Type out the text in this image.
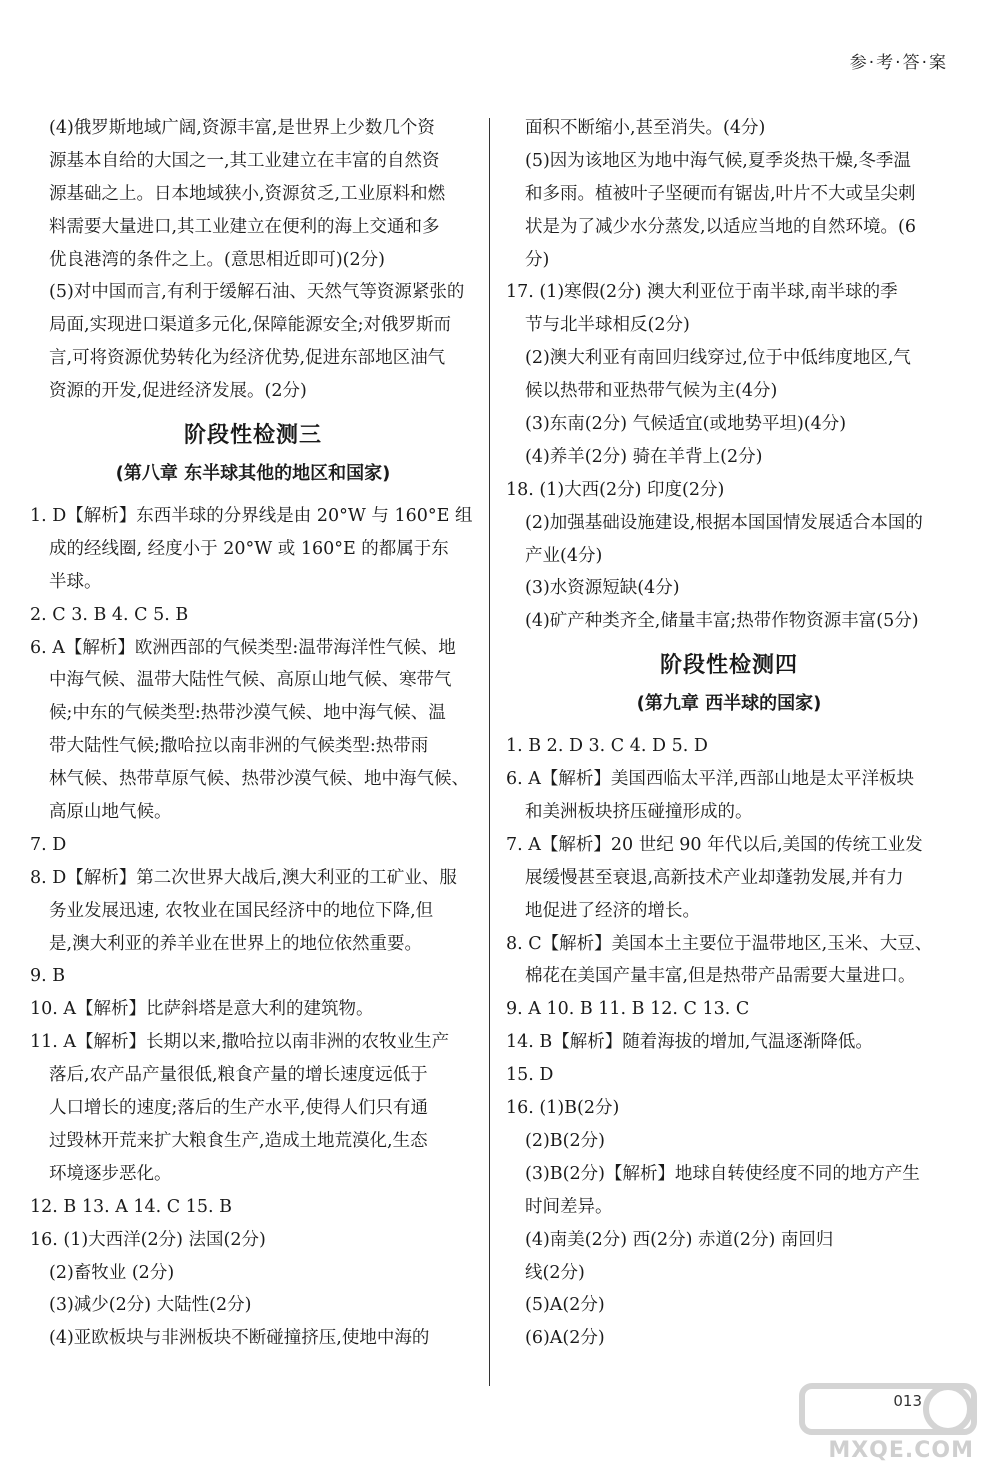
参·考·答·案
(4)俄罗斯地域广阔,资源丰富,是世界上少数几个资
源基本自给的大国之一,其工业建立在丰富的自然资
源基础之上。日本地域狭小,资源贫乏,工业原料和燃
料需要大量进口,其工业建立在便利的海上交通和多
优良港湾的条件之上。(意思相近即可)(2分)
(5)对中国而言,有利于缓解石油、天然气等资源紧张的
局面,实现进口渠道多元化,保障能源安全;对俄罗斯而
言,可将资源优势转化为经济优势,促进东部地区油气
资源的开发,促进经济发展。(2分)
阶段性检测三
(第八章 东半球其他的地区和国家)
1. D【解析】东西半球的分界线是由 20°W 与 160°E 组
成的经线圈, 经度小于 20°W 或 160°E 的都属于东
半球。
2. C 3. B 4. C 5. B
6. A【解析】欧洲西部的气候类型:温带海洋性气候、地
中海气候、温带大陆性气候、高原山地气候、寒带气
候;中东的气候类型:热带沙漠气候、地中海气候、温
带大陆性气候;撒哈拉以南非洲的气候类型:热带雨
林气候、热带草原气候、热带沙漠气候、地中海气候、
高原山地气候。
7. D
8. D【解析】第二次世界大战后,澳大利亚的工矿业、服
务业发展迅速, 农牧业在国民经济中的地位下降,但
是,澳大利亚的养羊业在世界上的地位依然重要。
9. B
10. A【解析】比萨斜塔是意大利的建筑物。
11. A【解析】长期以来,撒哈拉以南非洲的农牧业生产
落后,农产品产量很低,粮食产量的增长速度远低于
人口增长的速度;落后的生产水平,使得人们只有通
过毁林开荒来扩大粮食生产,造成土地荒漠化,生态
环境逐步恶化。
12. B 13. A 14. C 15. B
16. (1)大西洋(2分) 法国(2分)
(2)畜牧业 (2分)
(3)减少(2分) 大陆性(2分)
(4)亚欧板块与非洲板块不断碰撞挤压,使地中海的
面积不断缩小,甚至消失。(4分)
(5)因为该地区为地中海气候,夏季炎热干燥,冬季温
和多雨。植被叶子坚硬而有锯齿,叶片不大或呈尖刺
状是为了减少水分蒸发,以适应当地的自然环境。(6
分)
17. (1)寒假(2分) 澳大利亚位于南半球,南半球的季
节与北半球相反(2分)
(2)澳大利亚有南回归线穿过,位于中低纬度地区,气
候以热带和亚热带气候为主(4分)
(3)东南(2分) 气候适宜(或地势平坦)(4分)
(4)养羊(2分) 骑在羊背上(2分)
18. (1)大西(2分) 印度(2分)
(2)加强基础设施建设,根据本国国情发展适合本国的
产业(4分)
(3)水资源短缺(4分)
(4)矿产种类齐全,储量丰富;热带作物资源丰富(5分)
阶段性检测四
(第九章 西半球的国家)
1. B 2. D 3. C 4. D 5. D
6. A【解析】美国西临太平洋,西部山地是太平洋板块
和美洲板块挤压碰撞形成的。
7. A【解析】20 世纪 90 年代以后,美国的传统工业发
展缓慢甚至衰退,高新技术产业却蓬勃发展,并有力
地促进了经济的增长。
8. C【解析】美国本土主要位于温带地区,玉米、大豆、
棉花在美国产量丰富,但是热带产品需要大量进口。
9. A 10. B 11. B 12. C 13. C
14. B【解析】随着海拔的增加,气温逐渐降低。
15. D
16. (1)B(2分)
(2)B(2分)
(3)B(2分)【解析】地球自转使经度不同的地方产生
时间差异。
(4)南美(2分) 西(2分) 赤道(2分) 南回归
线(2分)
(5)A(2分)
(6)A(2分)
013
MXQE.COM
